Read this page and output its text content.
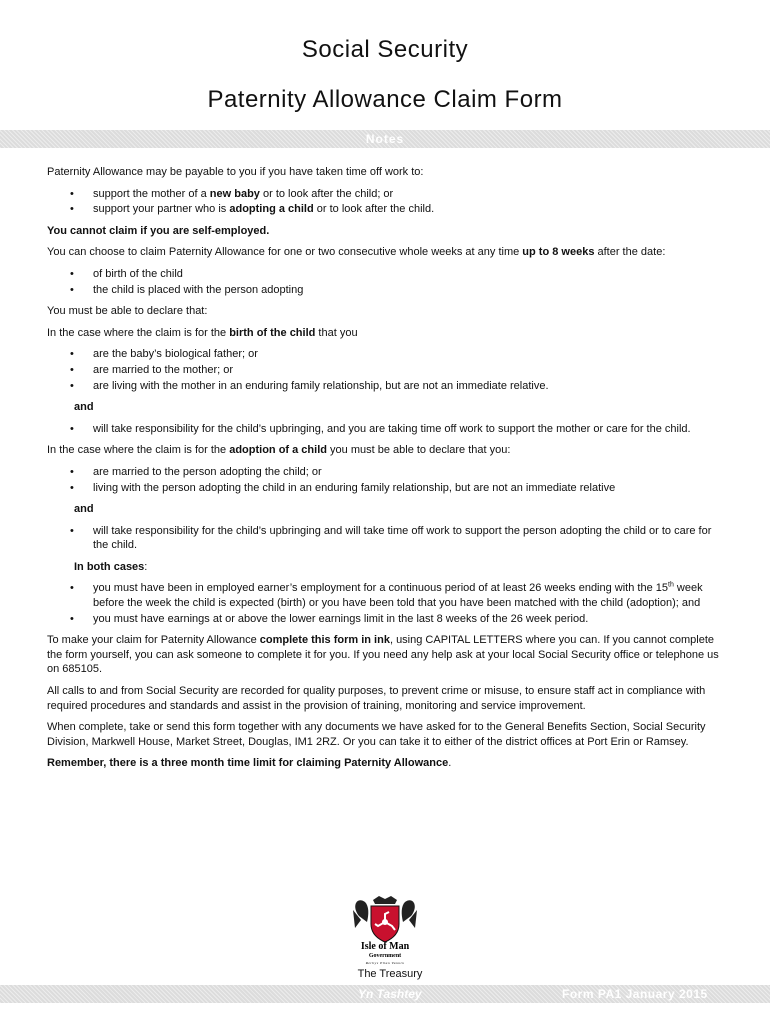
Social Security
Paternity Allowance Claim Form
Notes

Paternity Allowance may be payable to you if you have taken time off work to:

• support the mother of a new baby or to look after the child; or
• support your partner who is adopting a child or to look after the child.

You cannot claim if you are self-employed.

You can choose to claim Paternity Allowance for one or two consecutive whole weeks at any time up to 8 weeks after the date:

• of birth of the child
• the child is placed with the person adopting

You must be able to declare that:

In the case where the claim is for the birth of the child that you

• are the baby’s biological father; or
• are married to the mother; or
• are living with the mother in an enduring family relationship, but are not an immediate relative.

and

• will take responsibility for the child’s upbringing, and you are taking time off work to support the mother or care for the child.

In the case where the claim is for the adoption of a child you must be able to declare that you:

• are married to the person adopting the child; or
• living with the person adopting the child in an enduring family relationship, but are not an immediate relative

and

• will take responsibility for the child’s upbringing and will take time off work to support the person adopting the child or to care for the child.

In both cases:

• you must have been in employed earner’s employment for a continuous period of at least 26 weeks ending with the 15th week before the week the child is expected (birth) or you have been told that you have been matched with the child (adoption); and
• you must have earnings at or above the lower earnings limit in the last 8 weeks of the 26 week period.

To make your claim for Paternity Allowance complete this form in ink, using CAPITAL LETTERS where you can. If you cannot complete the form yourself, you can ask someone to complete it for you. If you need any help ask at your local Social Security office or telephone us on 685105.

All calls to and from Social Security are recorded for quality purposes, to prevent crime or misuse, to ensure staff act in compliance with required procedures and standards and assist in the provision of training, monitoring and service improvement.

When complete, take or send this form together with any documents we have asked for to the General Benefits Section, Social Security Division, Markwell House, Market Street, Douglas, IM1 2RZ. Or you can take it to either of the district offices at Port Erin or Ramsey.

Remember, there is a three month time limit for claiming Paternity Allowance.

Isle of Man
Government
Reiltys Ellan Vannin
The Treasury
Yn Tashtey	Form PA1 January 2015
